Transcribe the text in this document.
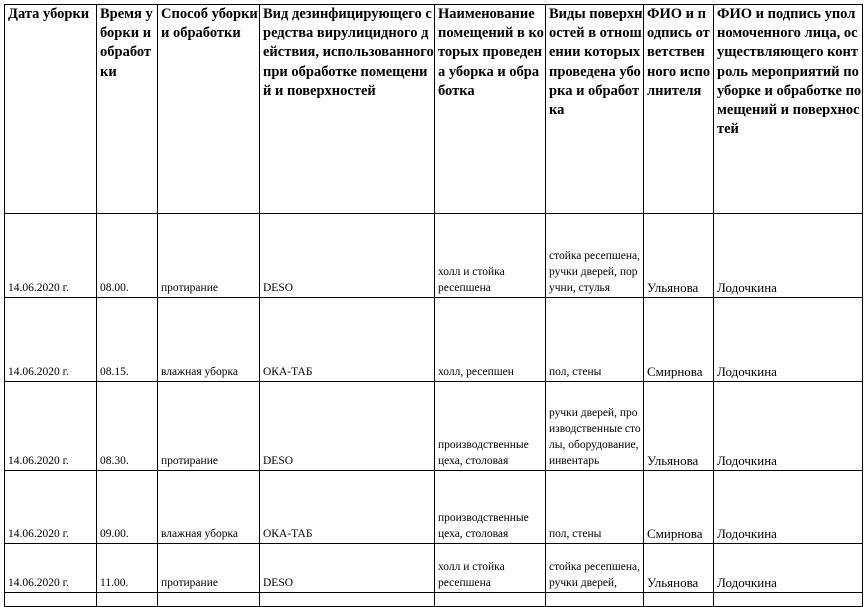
Дата уборки	Время уборки и обработки	Способ уборки и обработки	Вид дезинфицирующего средства вирулицидного действия, использованного при обработке помещений и поверхностей	Наименование помещений в которых проведена уборка и обработка	Виды поверхностей в отношении которых проведена уборка и обработка	ФИО и подпись ответственного исполнителя	ФИО и подпись уполномоченного лица, осуществляющего контроль мероприятий по уборке и обработке помещений и поверхностей
14.06.2020 г.	08.00.	протирание	DESO	холл и стойка ресепшена	стойка ресепшена, ручки дверей, поручни, стулья	Ульянова	Лодочкина
14.06.2020 г.	08.15.	влажная уборка	ОКА-ТАБ	холл, ресепшен	пол, стены	Смирнова	Лодочкина
14.06.2020 г.	08.30.	протирание	DESO	производственные цеха, столовая	ручки дверей, производственные столы, оборудование, инвентарь	Ульянова	Лодочкина
14.06.2020 г.	09.00.	влажная уборка	ОКА-ТАБ	производственные цеха, столовая	пол, стены	Смирнова	Лодочкина
14.06.2020 г.	11.00.	протирание	DESO	холл и стойка ресепшена	стойка ресепшена, ручки дверей,	Ульянова	Лодочкина
